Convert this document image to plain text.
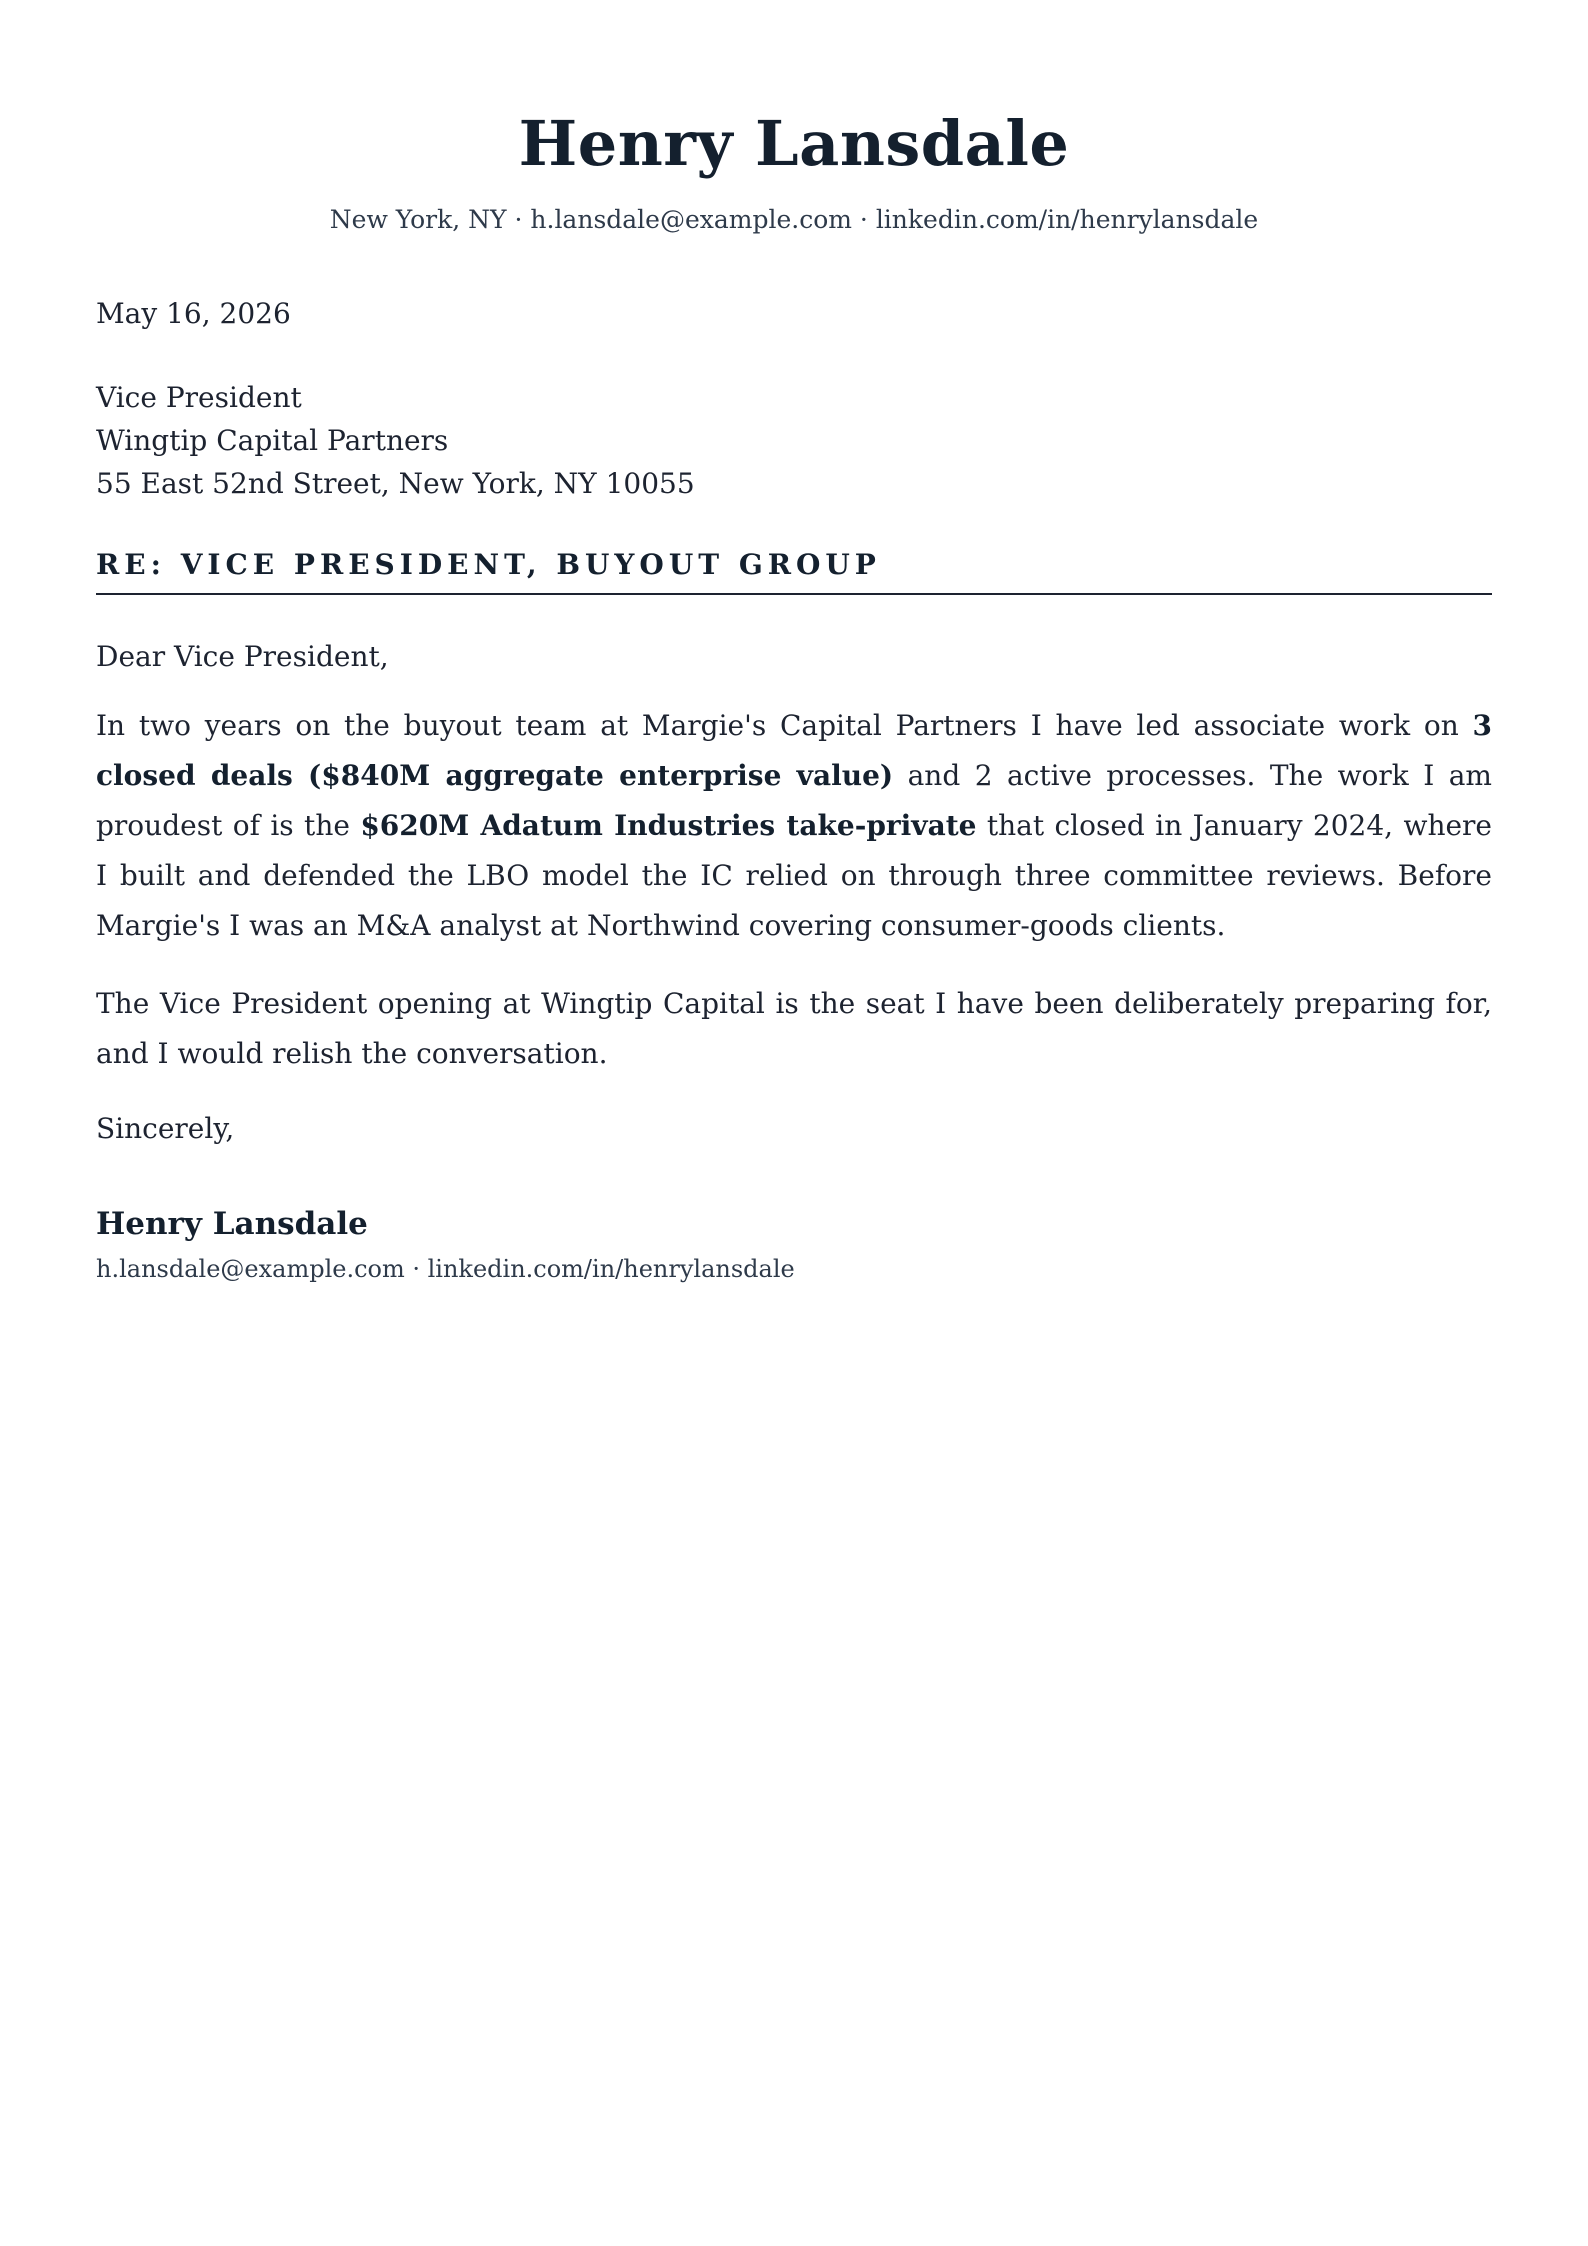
Henry Lansdale
New York, NY · h.lansdale@example.com · linkedin.com/in/henrylansdale
May 16, 2026
Vice President
Wingtip Capital Partners
55 East 52nd Street, New York, NY 10055
RE: VICE PRESIDENT, BUYOUT GROUP
Dear Vice President,

In two years on the buyout team at Margie's Capital Partners I have led associate work on 3 closed deals ($840M aggregate enterprise value) and 2 active processes. The work I am proudest of is the $620M Adatum Industries take-private that closed in January 2024, where I built and defended the LBO model the IC relied on through three committee reviews. Before Margie's I was an M&A analyst at Northwind covering consumer-goods clients.

The Vice President opening at Wingtip Capital is the seat I have been deliberately preparing for, and I would relish the conversation.

Sincerely,
Henry Lansdale
h.lansdale@example.com · linkedin.com/in/henrylansdale
